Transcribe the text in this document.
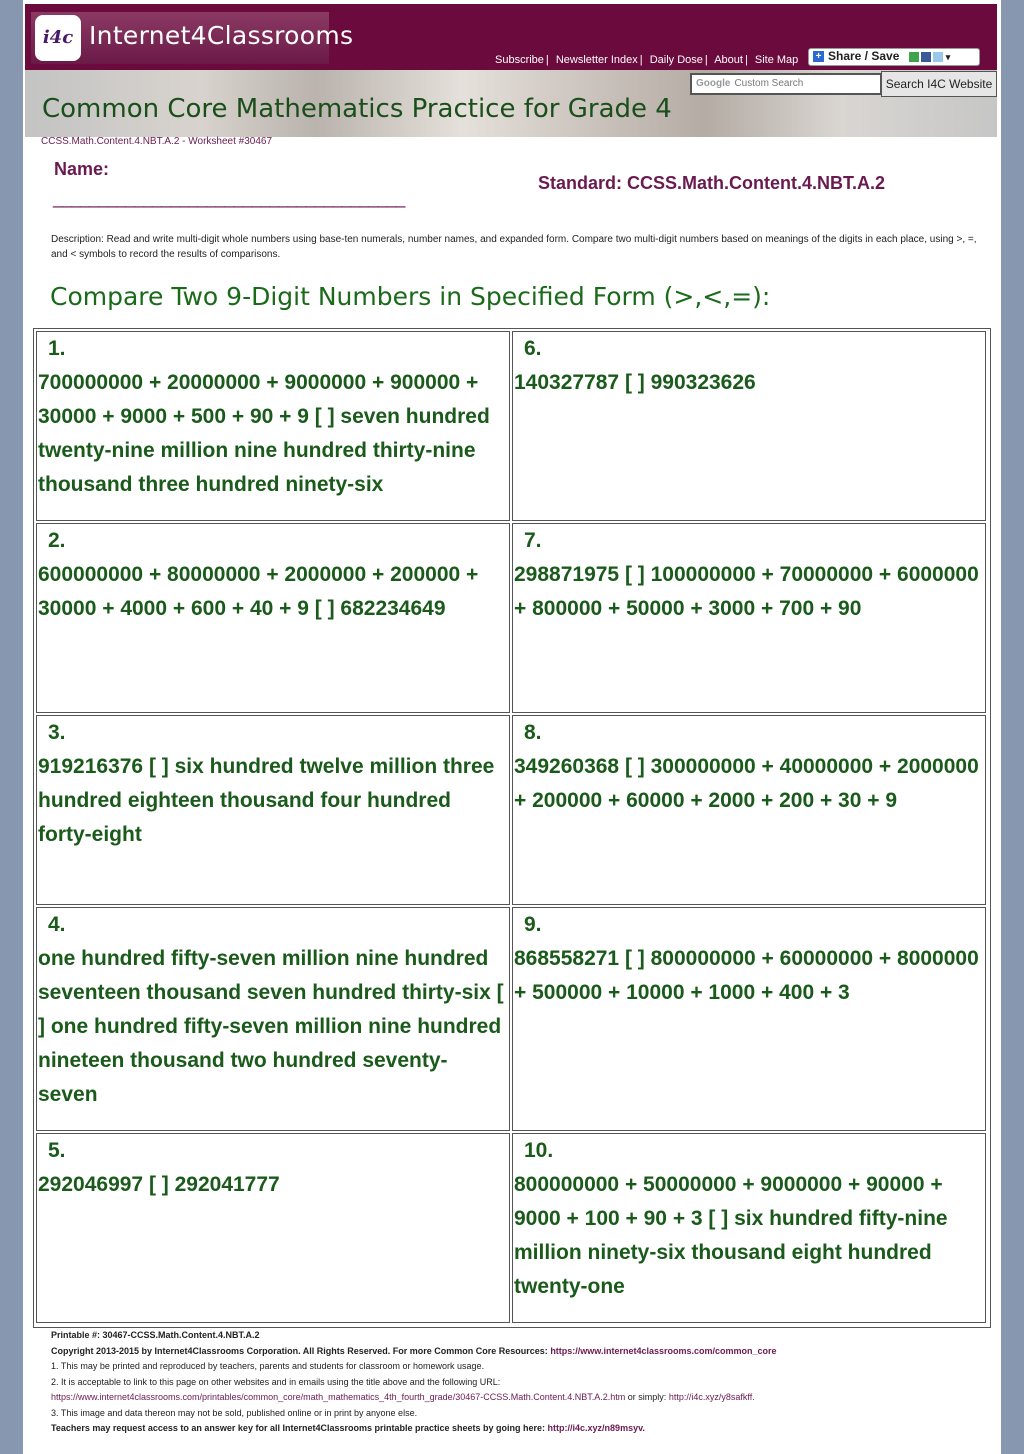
i4c Internet4Classrooms
Subscribe | Newsletter Index | Daily Dose | About | Site Map	+ Share / Save	▾
Google Custom Search	Search I4C Website
Common Core Mathematics Practice for Grade 4
CCSS.Math.Content.4.NBT.A.2 - Worksheet #30467
Name:
_______________________________________
Standard: CCSS.Math.Content.4.NBT.A.2
Description: Read and write multi-digit whole numbers using base-ten numerals, number names, and expanded form. Compare two multi-digit numbers based on meanings of the digits in each place, using >, =, and < symbols to record the results of comparisons.
Compare Two 9-Digit Numbers in Specified Form (>,<,=):
1.
700000000 + 20000000 + 9000000 + 900000 + 30000 + 9000 + 500 + 90 + 9 [ ] seven hundred twenty-nine million nine hundred thirty-nine thousand three hundred ninety-six
2.
600000000 + 80000000 + 2000000 + 200000 + 30000 + 4000 + 600 + 40 + 9 [ ] 682234649
3.
919216376 [ ] six hundred twelve million three hundred eighteen thousand four hundred forty-eight
4.
one hundred fifty-seven million nine hundred seventeen thousand seven hundred thirty-six [ ] one hundred fifty-seven million nine hundred nineteen thousand two hundred seventy-seven
5.
292046997 [ ] 292041777
6.
140327787 [ ] 990323626
7.
298871975 [ ] 100000000 + 70000000 + 6000000 + 800000 + 50000 + 3000 + 700 + 90
8.
349260368 [ ] 300000000 + 40000000 + 2000000 + 200000 + 60000 + 2000 + 200 + 30 + 9
9.
868558271 [ ] 800000000 + 60000000 + 8000000 + 500000 + 10000 + 1000 + 400 + 3
10.
800000000 + 50000000 + 9000000 + 90000 + 9000 + 100 + 90 + 3 [ ] six hundred fifty-nine million ninety-six thousand eight hundred twenty-one
Printable #: 30467-CCSS.Math.Content.4.NBT.A.2
Copyright 2013-2015 by Internet4Classrooms Corporation. All Rights Reserved. For more Common Core Resources: https://www.internet4classrooms.com/common_core
1. This may be printed and reproduced by teachers, parents and students for classroom or homework usage.
2. It is acceptable to link to this page on other websites and in emails using the title above and the following URL:
https://www.internet4classrooms.com/printables/common_core/math_mathematics_4th_fourth_grade/30467-CCSS.Math.Content.4.NBT.A.2.htm or simply: http://i4c.xyz/y8safkff.
3. This image and data thereon may not be sold, published online or in print by anyone else.
Teachers may request access to an answer key for all Internet4Classrooms printable practice sheets by going here: http://i4c.xyz/n89msyv.
